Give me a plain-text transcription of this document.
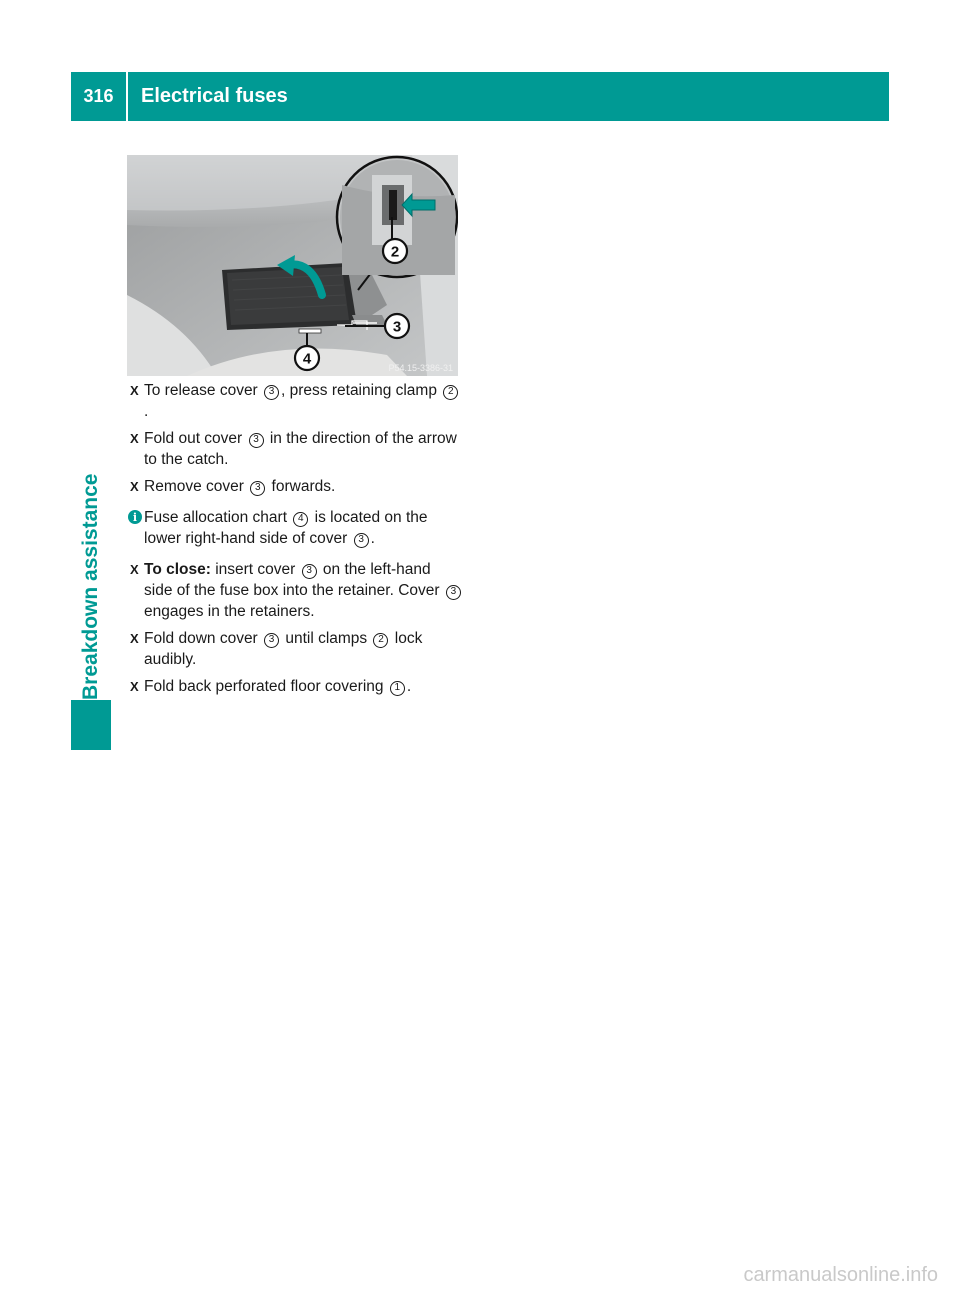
316	Electrical fuses
Breakdown assistance
2
3
4
P54.15-3386-31
X To release cover 3 , press retaining clamp 2.
X Fold out cover 3 in the direction of the arrow to the catch.
X Remove cover 3 forwards.
i Fuse allocation chart 4 is located on the lower right-hand side of cover 3 .
X To close: insert cover 3 on the left-hand side of the fuse box into the retainer. Cover 3 engages in the retainers.
X Fold down cover 3 until clamps 2 lock audibly.
X Fold back perforated floor covering 1 .
carmanualsonline.info
